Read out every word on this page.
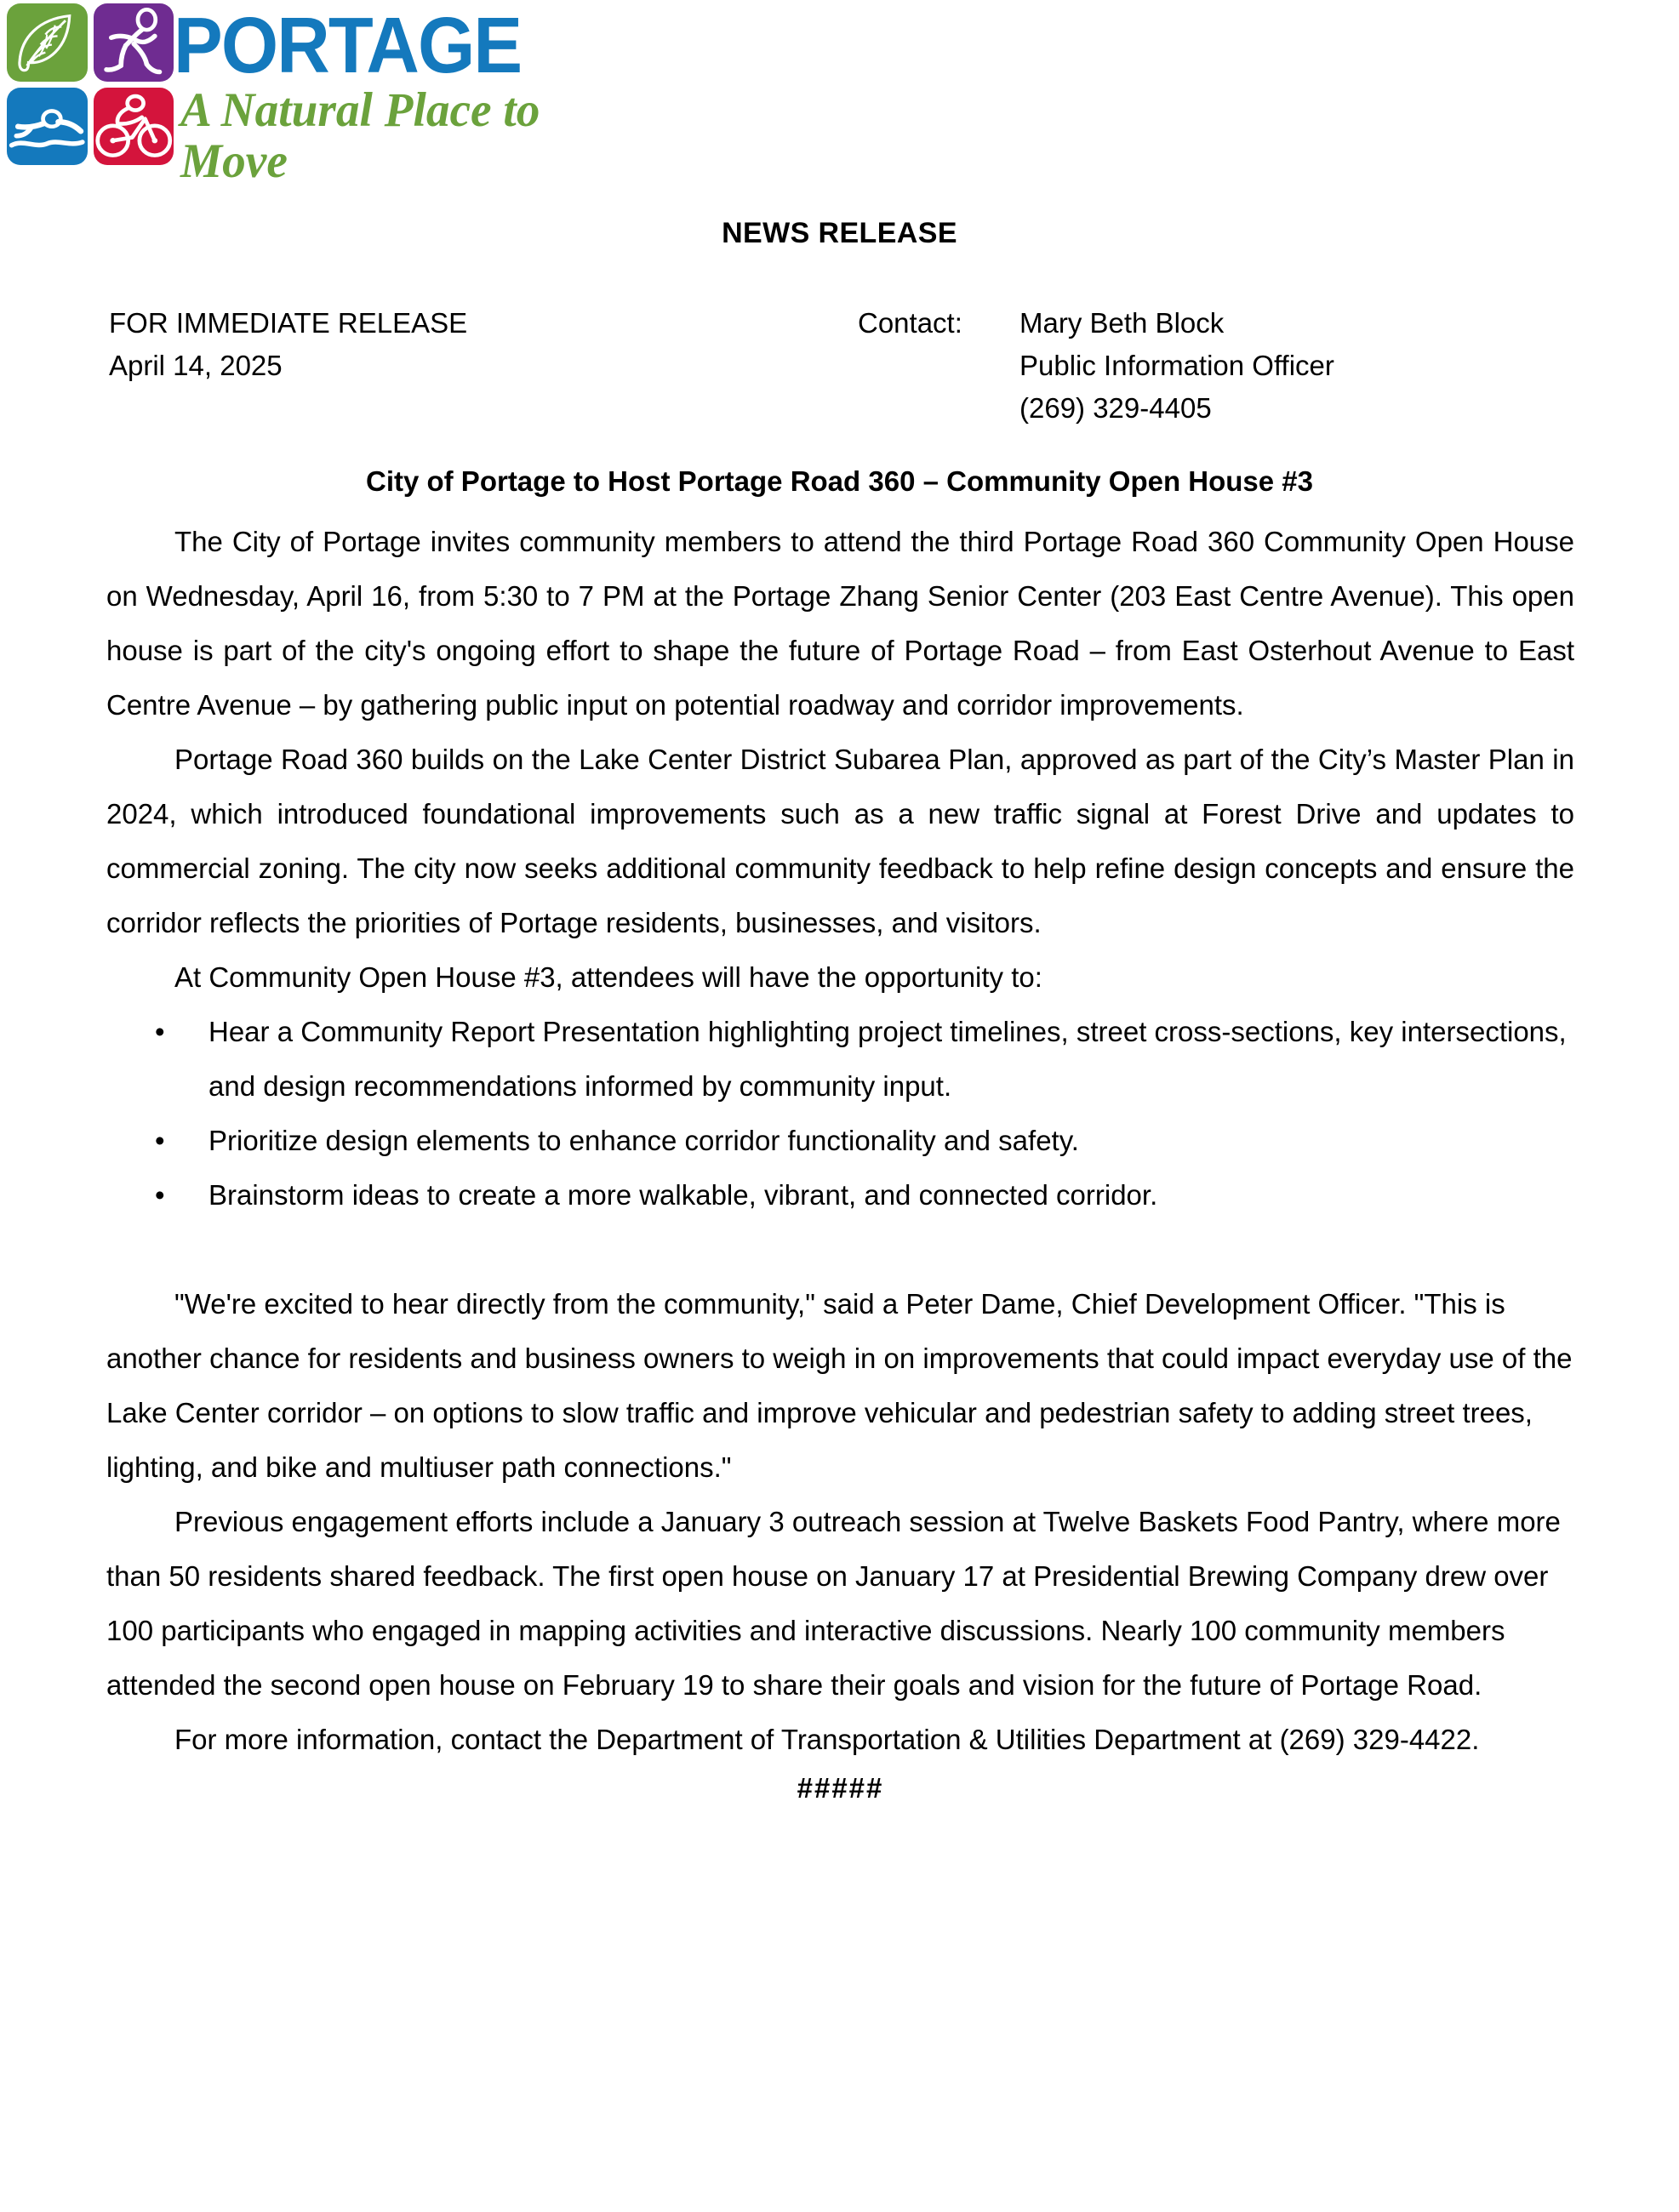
PORTAGE
A Natural Place to Move
NEWS RELEASE
FOR IMMEDIATE RELEASE
April 14, 2025
Contact:	Mary Beth Block
Public Information Officer
(269) 329-4405
City of Portage to Host Portage Road 360 – Community Open House #3

The City of Portage invites community members to attend the third Portage Road 360 Community Open House on Wednesday, April 16, from 5:30 to 7 PM at the Portage Zhang Senior Center (203 East Centre Avenue). This open house is part of the city's ongoing effort to shape the future of Portage Road – from East Osterhout Avenue to East Centre Avenue – by gathering public input on potential roadway and corridor improvements.

Portage Road 360 builds on the Lake Center District Subarea Plan, approved as part of the City’s Master Plan in 2024, which introduced foundational improvements such as a new traffic signal at Forest Drive and updates to commercial zoning. The city now seeks additional community feedback to help refine design concepts and ensure the corridor reflects the priorities of Portage residents, businesses, and visitors.

At Community Open House #3, attendees will have the opportunity to:

• Hear a Community Report Presentation highlighting project timelines, street cross-sections, key intersections, and design recommendations informed by community input.
• Prioritize design elements to enhance corridor functionality and safety.
• Brainstorm ideas to create a more walkable, vibrant, and connected corridor.

"We're excited to hear directly from the community," said a Peter Dame, Chief Development Officer. "This is another chance for residents and business owners to weigh in on improvements that could impact everyday use of the Lake Center corridor – on options to slow traffic and improve vehicular and pedestrian safety to adding street trees, lighting, and bike and multiuser path connections."

Previous engagement efforts include a January 3 outreach session at Twelve Baskets Food Pantry, where more than 50 residents shared feedback. The first open house on January 17 at Presidential Brewing Company drew over 100 participants who engaged in mapping activities and interactive discussions. Nearly 100 community members attended the second open house on February 19 to share their goals and vision for the future of Portage Road.

For more information, contact the Department of Transportation & Utilities Department at (269) 329-4422.

#####
